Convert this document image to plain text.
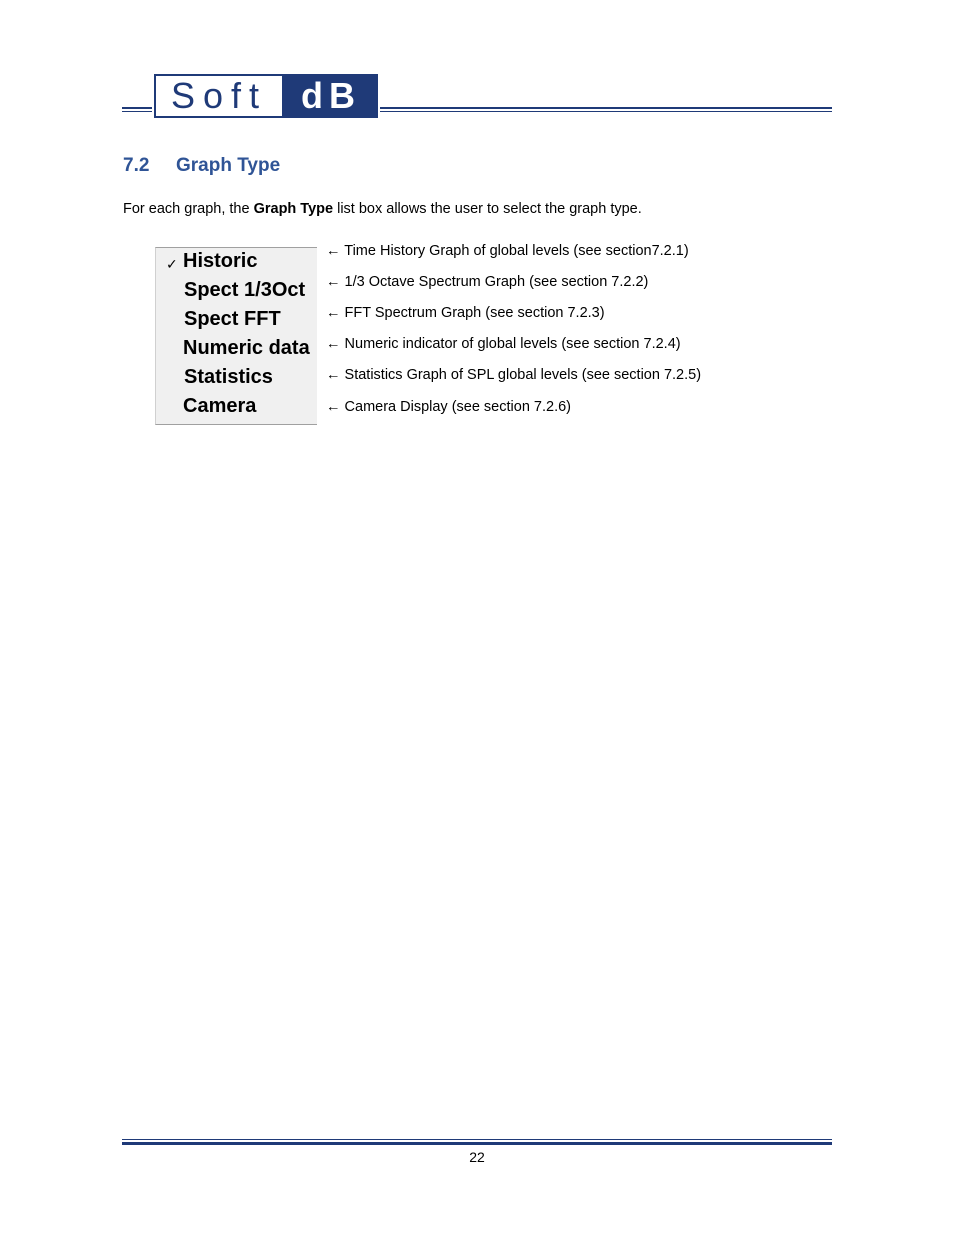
Soft dB
7.2	Graph Type
For each graph, the Graph Type list box allows the user to select the graph type.
✓ Historic
Spect 1/3Oct
Spect FFT
Numeric data
Statistics
Camera
← Time History Graph of global levels (see section7.2.1)
← 1/3 Octave Spectrum Graph (see section 7.2.2)
← FFT Spectrum Graph (see section 7.2.3)
← Numeric indicator of global levels (see section 7.2.4)
← Statistics Graph of SPL global levels (see section 7.2.5)
← Camera Display (see section 7.2.6)
22
